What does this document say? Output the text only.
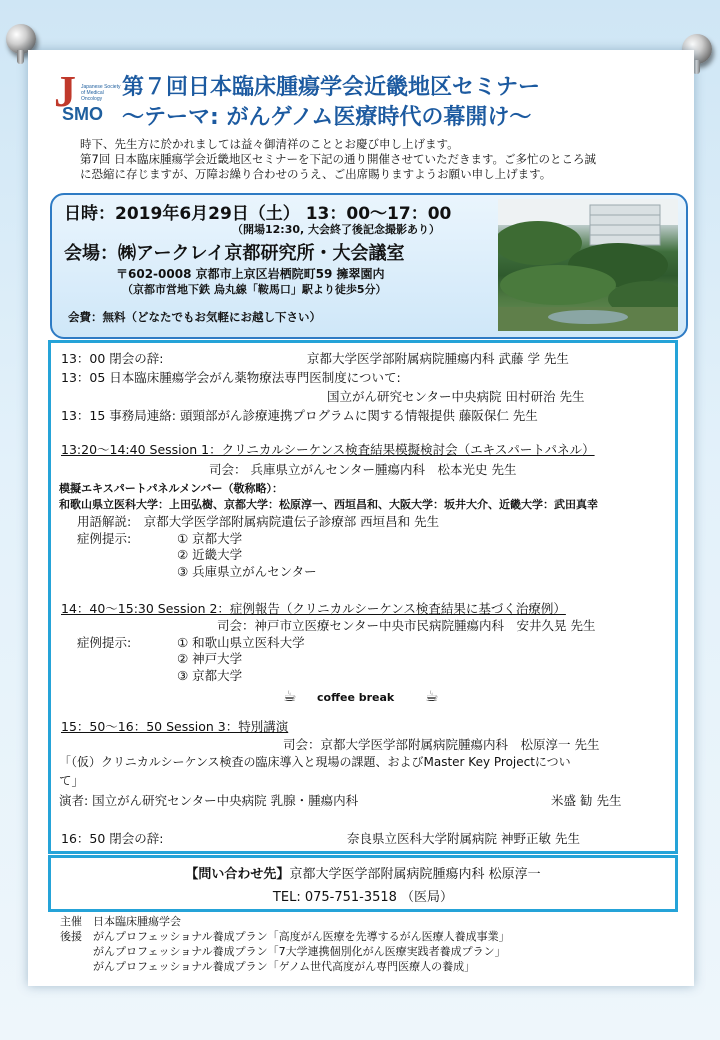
J Japanese Society of Medical Oncology
SMO
第７回日本臨床腫瘍学会近畿地区セミナー
～テーマ: がんゲノム医療時代の幕開け～

時下、先生方に於かれましては益々御清祥のこととお慶び申し上げます。

第7回 日本臨床腫瘍学会近畿地区セミナーを下記の通り開催させていただきます。ご多忙のところ誠

に恐縮に存じますが、万障お繰り合わせのうえ、ご出席賜りますようお願い申し上げます。

日時：2019年6月29日（土） 13：00～17：00
（開場12:30, 大会終了後記念撮影あり）
会場：㈱アークレイ京都研究所・大会議室
〒602-0008 京都市上京区岩栖院町59 擁翠園内
（京都市営地下鉄 烏丸線「鞍馬口」駅より徒歩5分）
会費：無料（どなたでもお気軽にお越し下さい）
13：00 閉会の辞:	京都大学医学部附属病院腫瘍内科 武藤 学 先生
13：05 日本臨床腫瘍学会がん薬物療法専門医制度について:
国立がん研究センター中央病院 田村研治 先生
13：15 事務局連絡: 頭頸部がん診療連携プログラムに関する情報提供 藤阪保仁 先生
13:20～14:40 Session 1：クリニカルシーケンス検査結果模擬検討会（エキスパートパネル）
司会： 兵庫県立がんセンター腫瘍内科　松本光史 先生
模擬エキスパートパネルメンバー（敬称略）：
和歌山県立医科大学：上田弘樹、京都大学：松原淳一、西垣昌和、大阪大学：坂井大介、近畿大学：武田真幸
用語解説:　京都大学医学部附属病院遺伝子診療部 西垣昌和 先生
症例提示:	① 京都大学
② 近畿大学
③ 兵庫県立がんセンター
14：40～15:30 Session 2：症例報告（クリニカルシーケンス検査結果に基づく治療例）
司会：神戸市立医療センター中央市民病院腫瘍内科　安井久晃 先生
症例提示:	① 和歌山県立医科大学
② 神戸大学
③ 京都大学
☕ coffee break ☕
15：50～16：50 Session 3：特別講演
司会：京都大学医学部附属病院腫瘍内科　松原淳一 先生
「（仮）クリニカルシーケンス検査の臨床導入と現場の課題、およびMaster Key Projectについ
て」
演者: 国立がん研究センター中央病院 乳腺・腫瘍内科	米盛 勧 先生
16：50 閉会の辞:	奈良県立医科大学附属病院 神野正敏 先生
【問い合わせ先】京都大学医学部附属病院腫瘍内科 松原淳一
TEL: 075-751-3518 （医局）
主催　日本臨床腫瘍学会
後援　がんプロフェッショナル養成プラン「高度がん医療を先導するがん医療人養成事業」
　　　がんプロフェッショナル養成プラン「7大学連携個別化がん医療実践者養成プラン」
　　　がんプロフェッショナル養成プラン「ゲノム世代高度がん専門医療人の養成」
